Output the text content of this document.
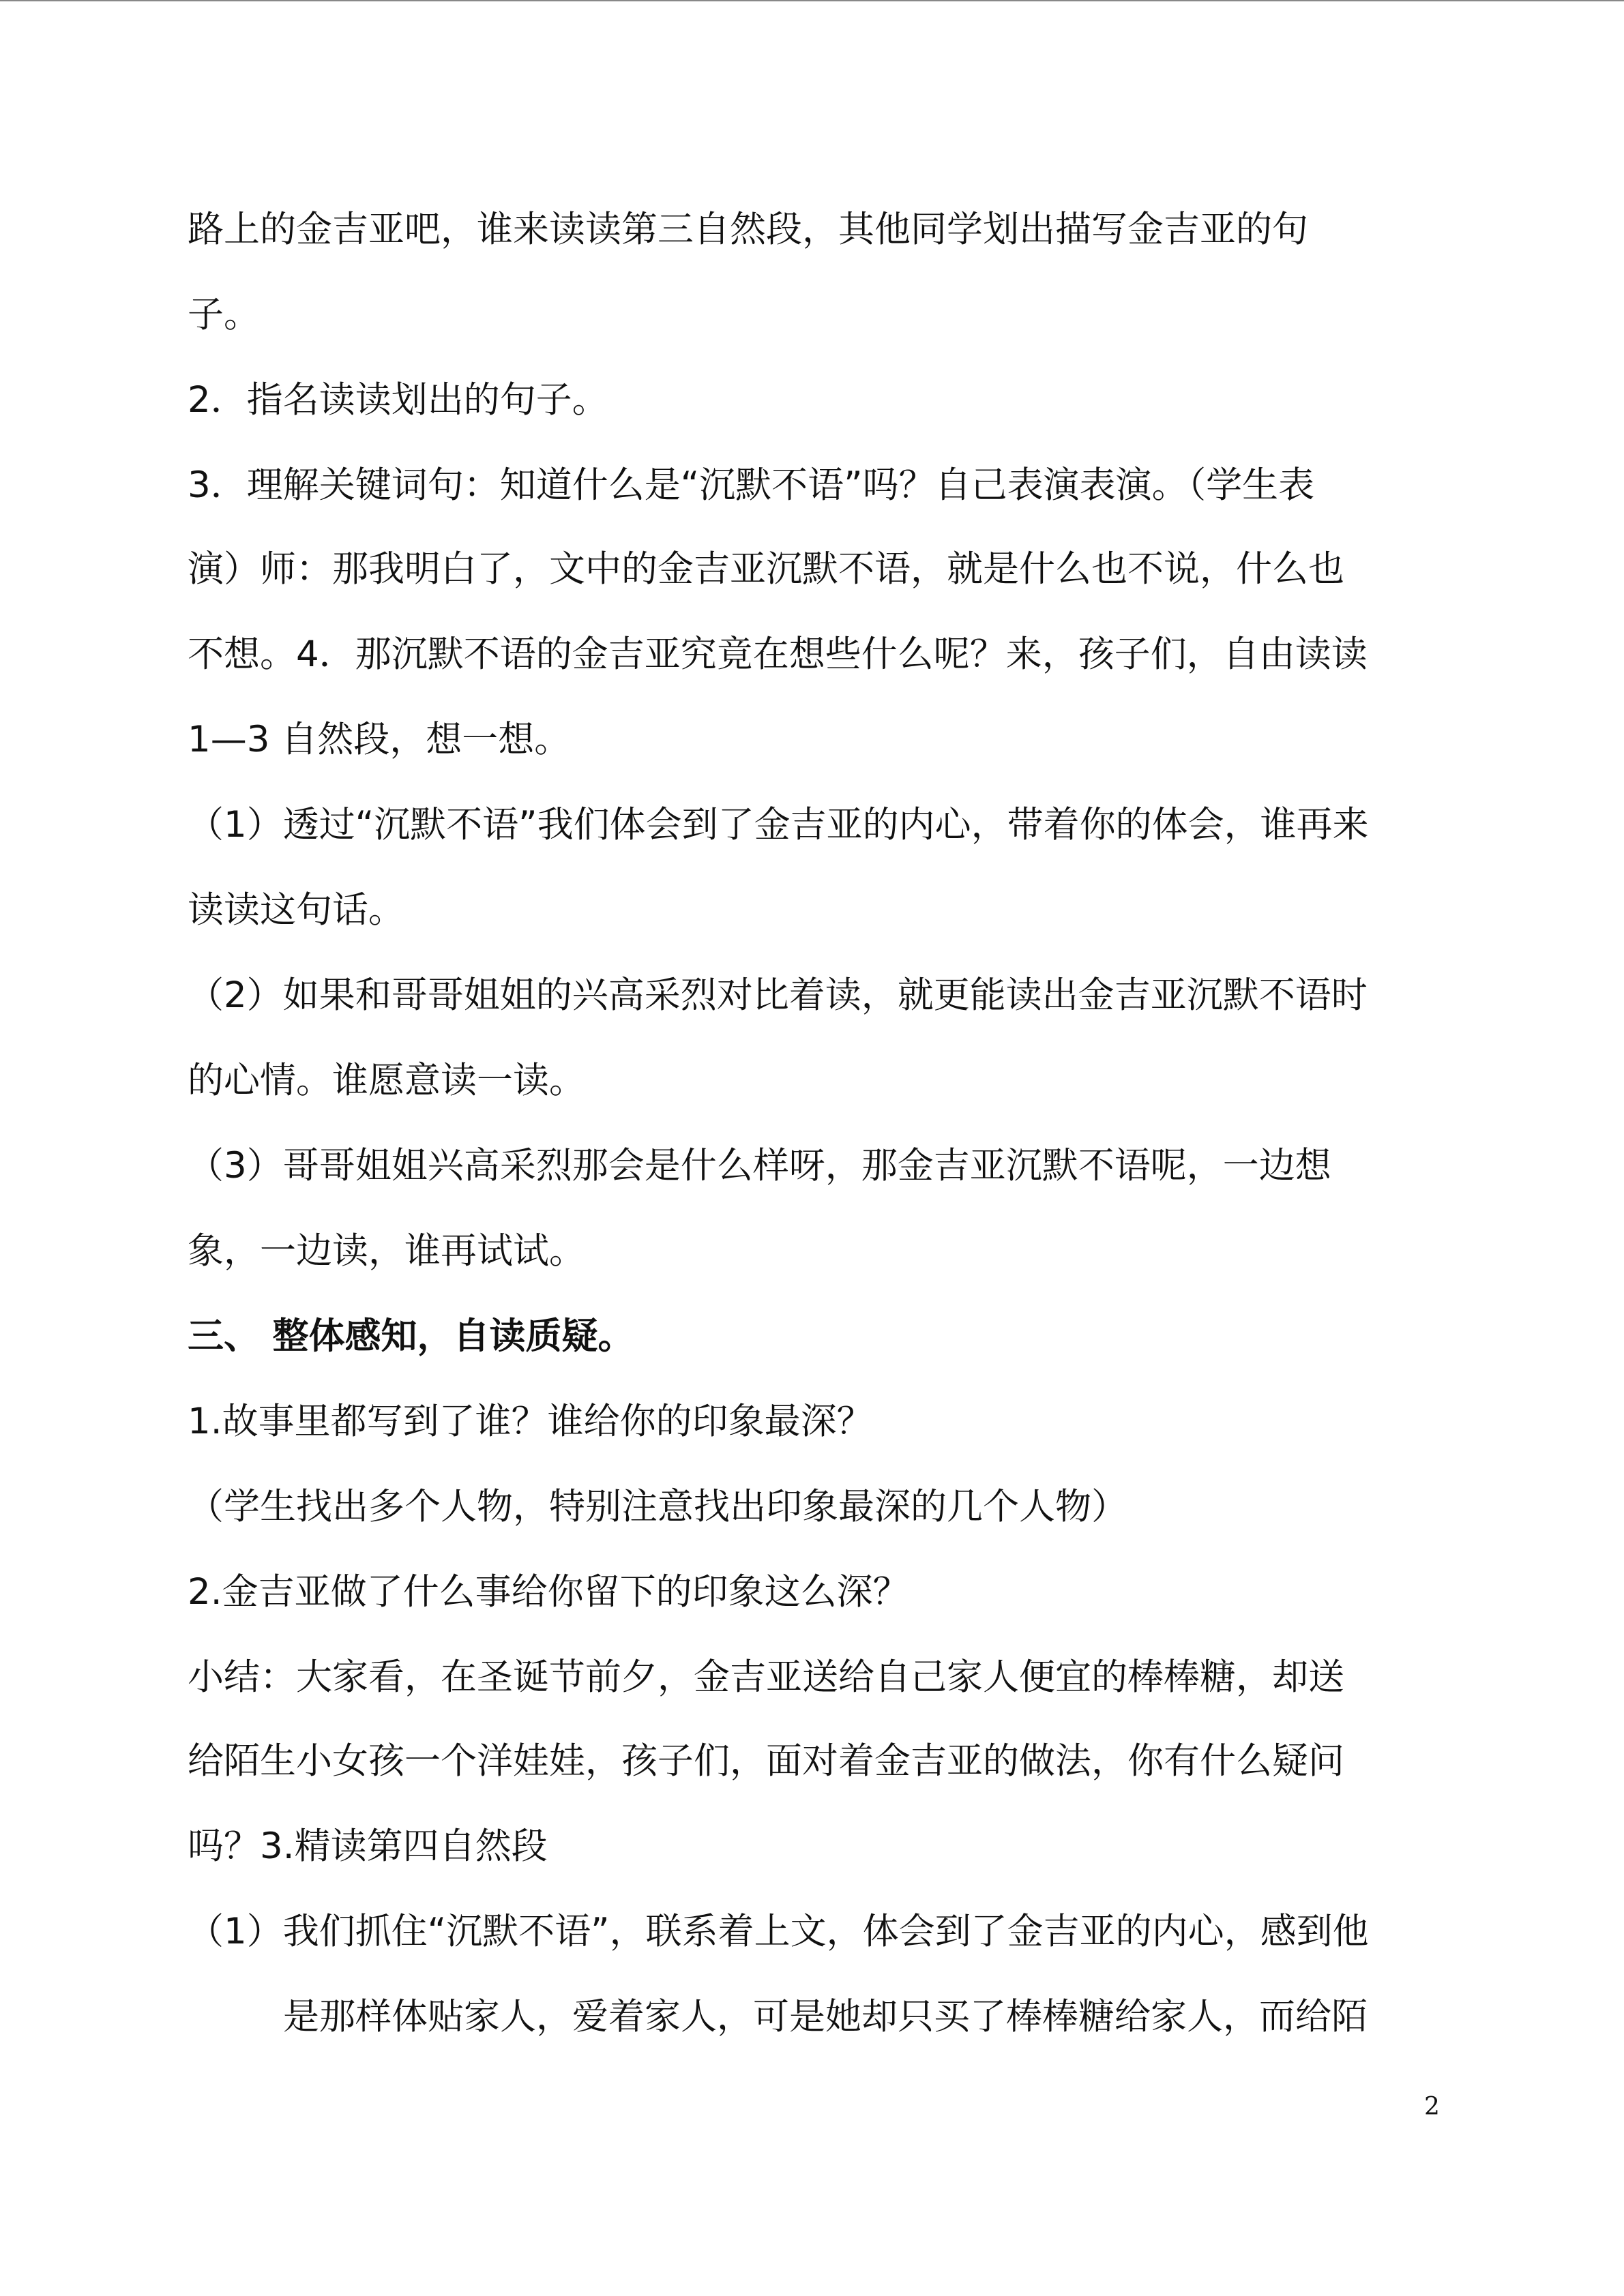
路上的金吉亚吧，谁来读读第三自然段，其他同学划出描写金吉亚的句
子。
2．指名读读划出的句子。
3．理解关键词句：知道什么是“沉默不语”吗？自己表演表演。（学生表
演）师：那我明白了，文中的金吉亚沉默不语，就是什么也不说，什么也
不想。4．那沉默不语的金吉亚究竟在想些什么呢？来，孩子们，自由读读
1—3 自然段，想一想。
（1）透过“沉默不语”我们体会到了金吉亚的内心，带着你的体会，谁再来
读读这句话。
（2）如果和哥哥姐姐的兴高采烈对比着读，就更能读出金吉亚沉默不语时
的心情。谁愿意读一读。
（3）哥哥姐姐兴高采烈那会是什么样呀，那金吉亚沉默不语呢，一边想
象，一边读，谁再试试。
三、 整体感知，自读质疑。
1.故事里都写到了谁？谁给你的印象最深？
（学生找出多个人物，特别注意找出印象最深的几个人物）
2.金吉亚做了什么事给你留下的印象这么深？
小结：大家看，在圣诞节前夕，金吉亚送给自己家人便宜的棒棒糖，却送
给陌生小女孩一个洋娃娃，孩子们，面对着金吉亚的做法，你有什么疑问
吗？3.精读第四自然段
（1）我们抓住“沉默不语”，联系着上文，体会到了金吉亚的内心，感到他
是那样体贴家人，爱着家人，可是她却只买了棒棒糖给家人，而给陌
2
